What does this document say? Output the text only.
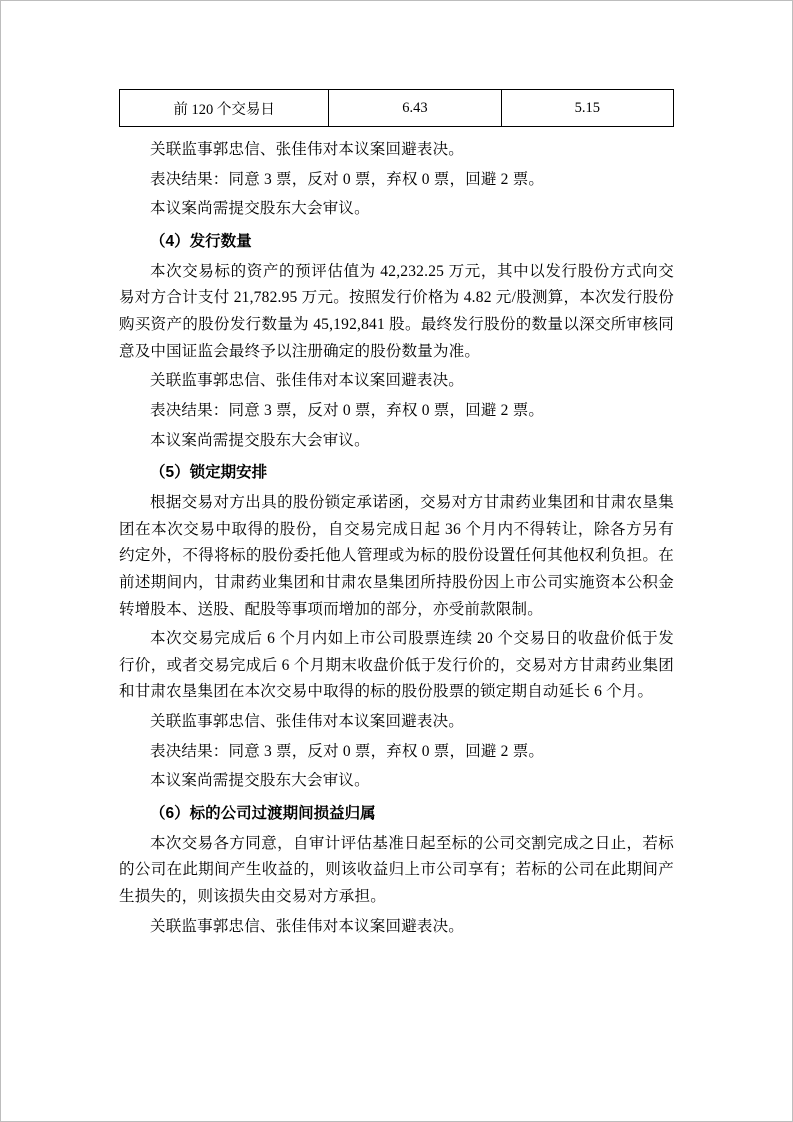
前 120 个交易日	6.43	5.15

关联监事郭忠信、张佳伟对本议案回避表决。

表决结果：同意 3 票，反对 0 票，弃权 0 票，回避 2 票。

本议案尚需提交股东大会审议。

（4）发行数量

本次交易标的资产的预评估值为 42,232.25 万元，其中以发行股份方式向交易对方合计支付 21,782.95 万元。按照发行价格为 4.82 元/股测算，本次发行股份购买资产的股份发行数量为 45,192,841 股。最终发行股份的数量以深交所审核同意及中国证监会最终予以注册确定的股份数量为准。

关联监事郭忠信、张佳伟对本议案回避表决。

表决结果：同意 3 票，反对 0 票，弃权 0 票，回避 2 票。

本议案尚需提交股东大会审议。

（5）锁定期安排

根据交易对方出具的股份锁定承诺函，交易对方甘肃药业集团和甘肃农垦集团在本次交易中取得的股份，自交易完成日起 36 个月内不得转让，除各方另有约定外，不得将标的股份委托他人管理或为标的股份设置任何其他权利负担。在前述期间内，甘肃药业集团和甘肃农垦集团所持股份因上市公司实施资本公积金转增股本、送股、配股等事项而增加的部分，亦受前款限制。

本次交易完成后 6 个月内如上市公司股票连续 20 个交易日的收盘价低于发行价，或者交易完成后 6 个月期末收盘价低于发行价的，交易对方甘肃药业集团和甘肃农垦集团在本次交易中取得的标的股份股票的锁定期自动延长 6 个月。

关联监事郭忠信、张佳伟对本议案回避表决。

表决结果：同意 3 票，反对 0 票，弃权 0 票，回避 2 票。

本议案尚需提交股东大会审议。

（6）标的公司过渡期间损益归属

本次交易各方同意，自审计评估基准日起至标的公司交割完成之日止，若标的公司在此期间产生收益的，则该收益归上市公司享有；若标的公司在此期间产生损失的，则该损失由交易对方承担。

关联监事郭忠信、张佳伟对本议案回避表决。
